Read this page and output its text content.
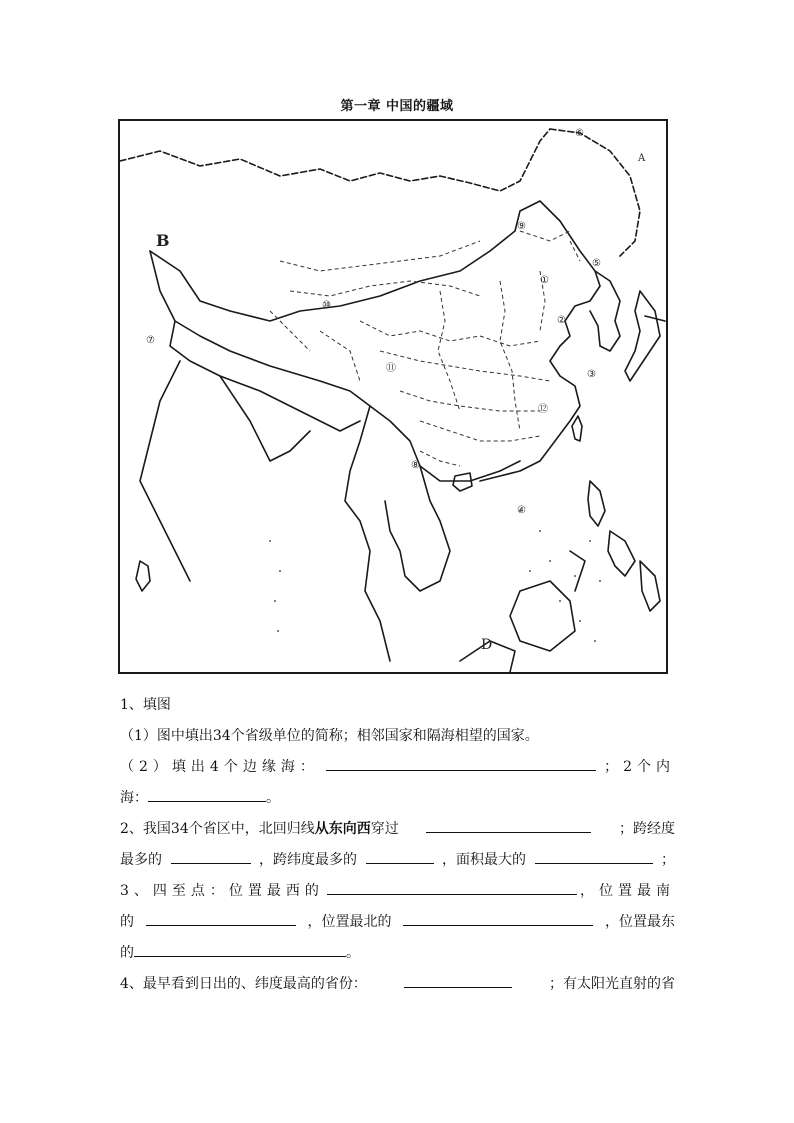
第一章 中国的疆域
⑥
A
⑨
B
⑤
①
⑩
②
⑦
⑪
③
⑫
⑧
④
D
1、填图
（1）图中填出34个省级单位的简称；相邻国家和隔海相望的国家。
（2）填出4个边缘海：	；2个内
海：	。
2、我国34个省区中，北回归线从东向西穿过	；跨经度
最多的	，跨纬度最多的	，面积最大的	；
3、四至点：位置最西的	，位置最南
的	，位置最北的	，位置最东
的	。
4、最早看到日出的、纬度最高的省份：	；有太阳光直射的省
